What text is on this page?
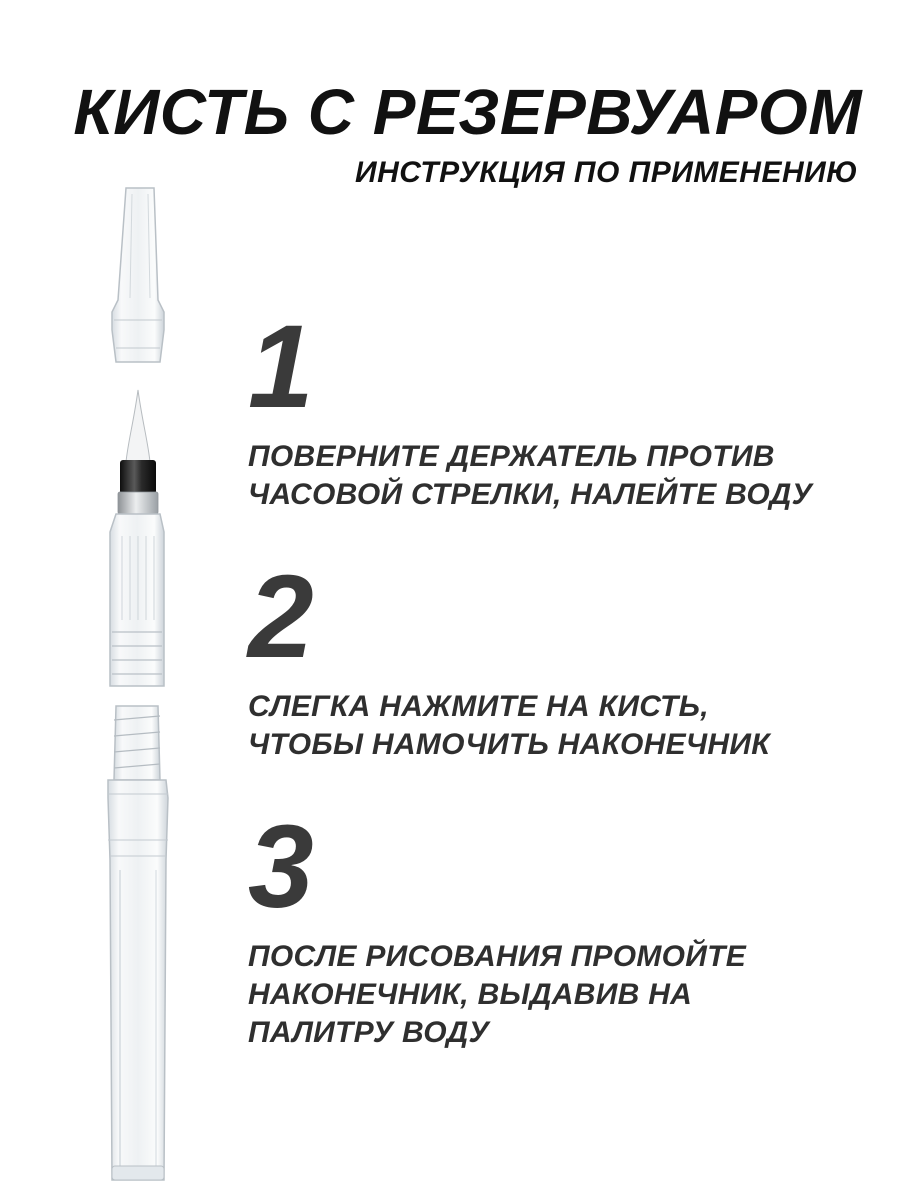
КИСТЬ С РЕЗЕРВУАРОМ
ИНСТРУКЦИЯ ПО ПРИМЕНЕНИЮ
1

ПОВЕРНИТЕ ДЕРЖАТЕЛЬ ПРОТИВ
ЧАСОВОЙ СТРЕЛКИ, НАЛЕЙТЕ ВОДУ

2

СЛЕГКА НАЖМИТЕ НА КИСТЬ,
ЧТОБЫ НАМОЧИТЬ НАКОНЕЧНИК

3

ПОСЛЕ РИСОВАНИЯ ПРОМОЙТЕ
НАКОНЕЧНИК, ВЫДАВИВ НА
ПАЛИТРУ ВОДУ
